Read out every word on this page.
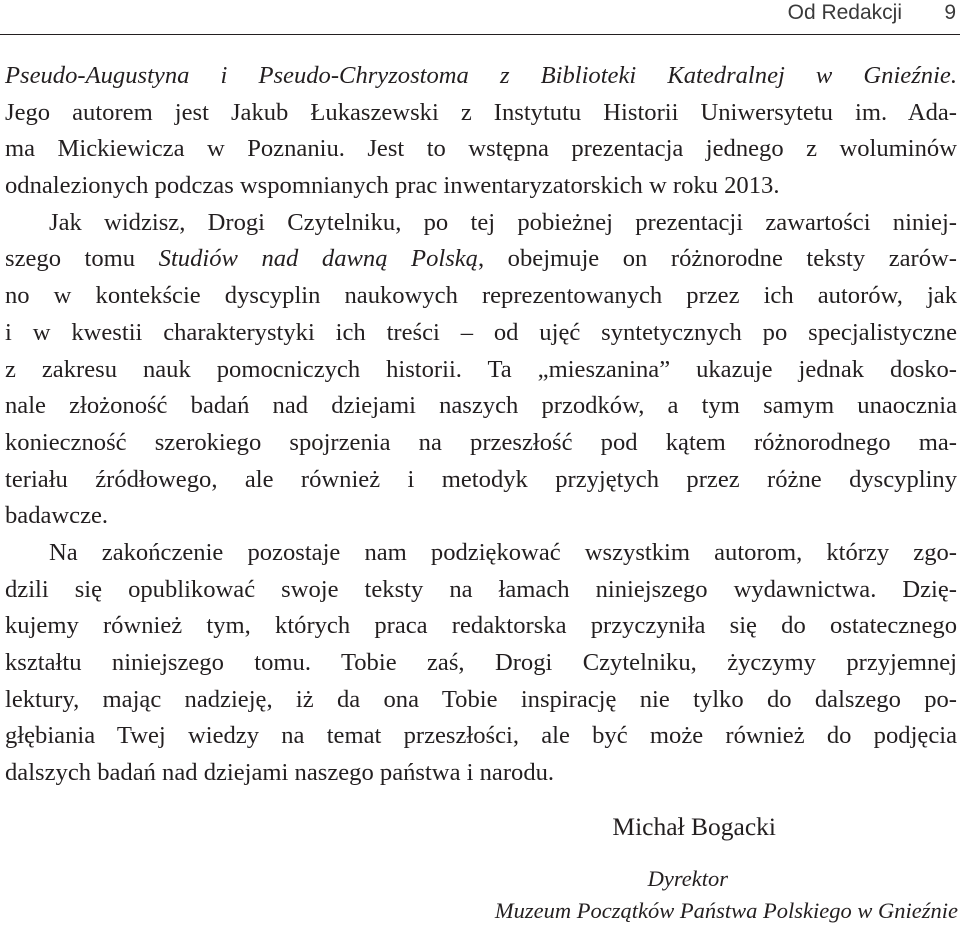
Od Redakcji 9
Pseudo-Augustyna i Pseudo-Chryzostoma z Biblioteki Katedralnej w Gnieźnie.
Jego autorem jest Jakub Łukaszewski z Instytutu Historii Uniwersytetu im. Ada-
ma Mickiewicza w Poznaniu. Jest to wstępna prezentacja jednego z woluminów
odnalezionych podczas wspomnianych prac inwentaryzatorskich w roku 2013.
Jak widzisz, Drogi Czytelniku, po tej pobieżnej prezentacji zawartości niniej-
szego tomu Studiów nad dawną Polską, obejmuje on różnorodne teksty zarów-
no w kontekście dyscyplin naukowych reprezentowanych przez ich autorów, jak
i w kwestii charakterystyki ich treści – od ujęć syntetycznych po specjalistyczne
z zakresu nauk pomocniczych historii. Ta „mieszanina” ukazuje jednak dosko-
nale złożoność badań nad dziejami naszych przodków, a tym samym unaocznia
konieczność szerokiego spojrzenia na przeszłość pod kątem różnorodnego ma-
teriału źródłowego, ale również i metodyk przyjętych przez różne dyscypliny
badawcze.
Na zakończenie pozostaje nam podziękować wszystkim autorom, którzy zgo-
dzili się opublikować swoje teksty na łamach niniejszego wydawnictwa. Dzię-
kujemy również tym, których praca redaktorska przyczyniła się do ostatecznego
kształtu niniejszego tomu. Tobie zaś, Drogi Czytelniku, życzymy przyjemnej
lektury, mając nadzieję, iż da ona Tobie inspirację nie tylko do dalszego po-
głębiania Twej wiedzy na temat przeszłości, ale być może również do podjęcia
dalszych badań nad dziejami naszego państwa i narodu.
Michał Bogacki
Dyrektor
Muzeum Początków Państwa Polskiego w Gnieźnie
